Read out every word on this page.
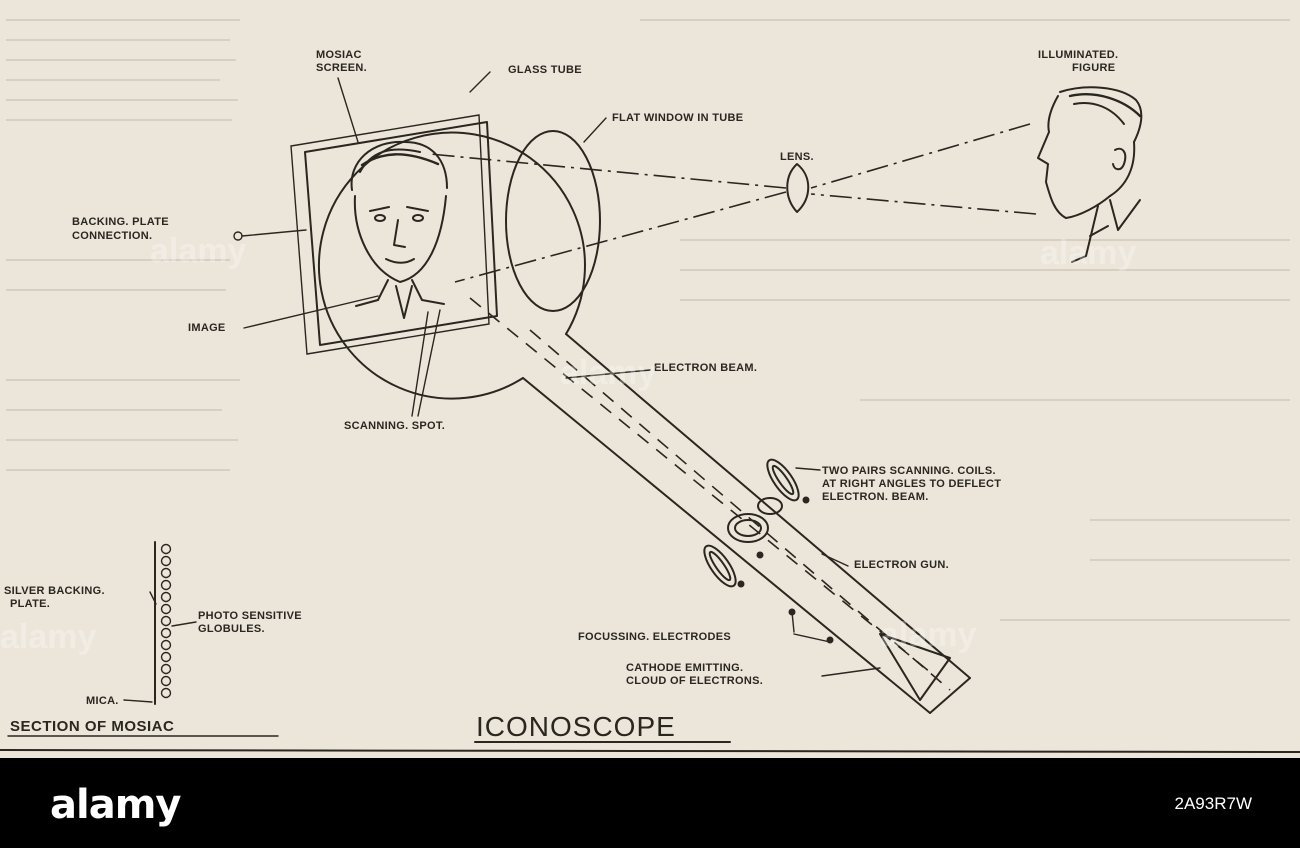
MOSIAC
SCREEN.	GLASS TUBE
FLAT WINDOW IN TUBE
LENS.
ILLUMINATED.
FIGURE
BACKING. PLATE
CONNECTION.
IMAGE
ELECTRON BEAM.
SCANNING. SPOT.
TWO PAIRS SCANNING. COILS.
AT RIGHT ANGLES TO DEFLECT
ELECTRON. BEAM.
ELECTRON GUN.
FOCUSSING. ELECTRODES
CATHODE EMITTING.
CLOUD OF ELECTRONS.
SILVER BACKING.
PLATE.
PHOTO SENSITIVE
GLOBULES.
MICA.
SECTION OF MOSIAC	ICONOSCOPE
alamy
alamy
alamy
alamy	alamy
alamy	2A93R7W
